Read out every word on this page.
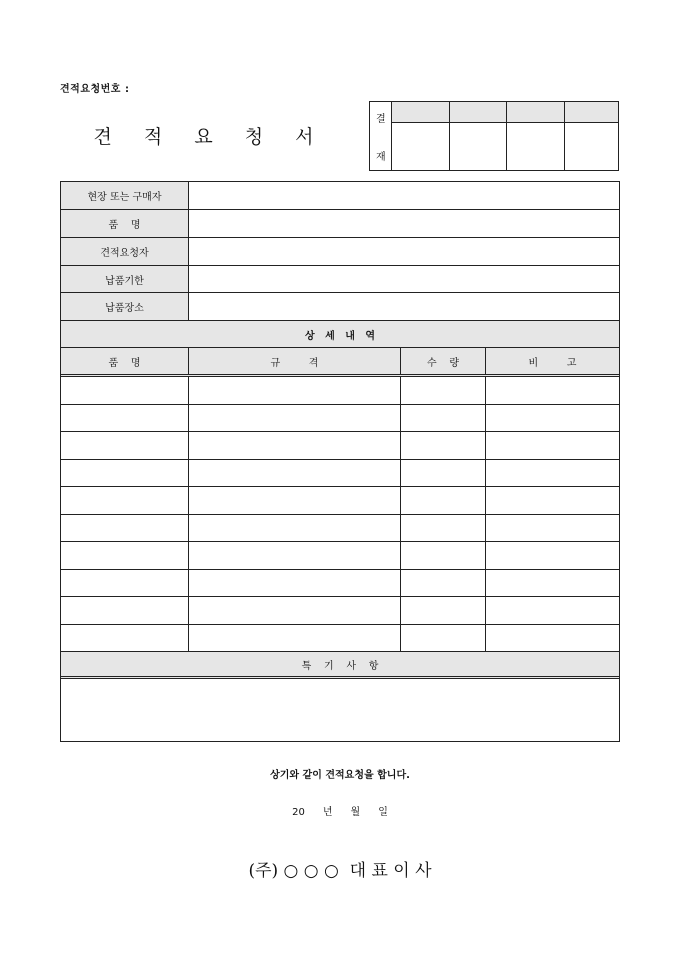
견적요청번호 :
견 적 요 청 서
결
재
현장 또는 구매자
품    명
견적요청자
납품기한
납품장소
상   세   내   역
품    명	규         격	수    량	비         고
특    기    사    항
상기와 같이 견적요청을 합니다.
20 년 월 일
(주) ○ ○ ○  대 표 이 사
